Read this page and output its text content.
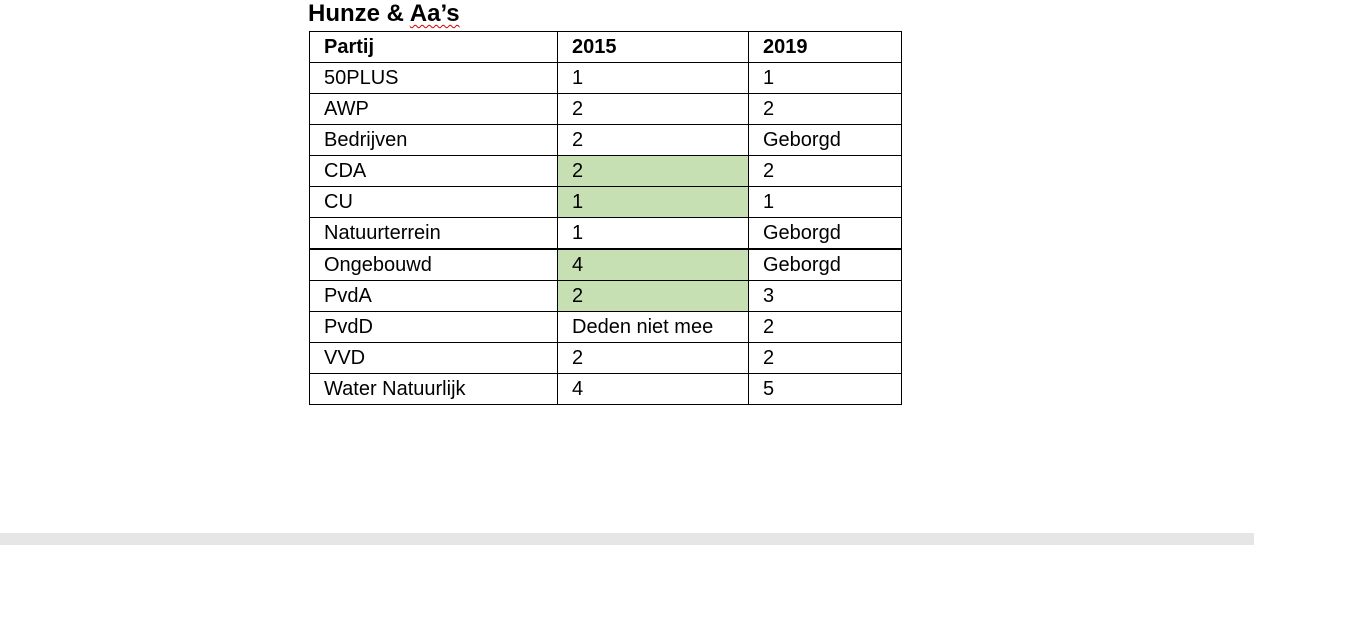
Hunze & Aa’s
Partij	2015	2019
50PLUS	1	1
AWP	2	2
Bedrijven	2	Geborgd
CDA	2	2
CU	1	1
Natuurterrein	1	Geborgd
Ongebouwd	4	Geborgd
PvdA	2	3
PvdD	Deden niet mee	2
VVD	2	2
Water Natuurlijk	4	5
